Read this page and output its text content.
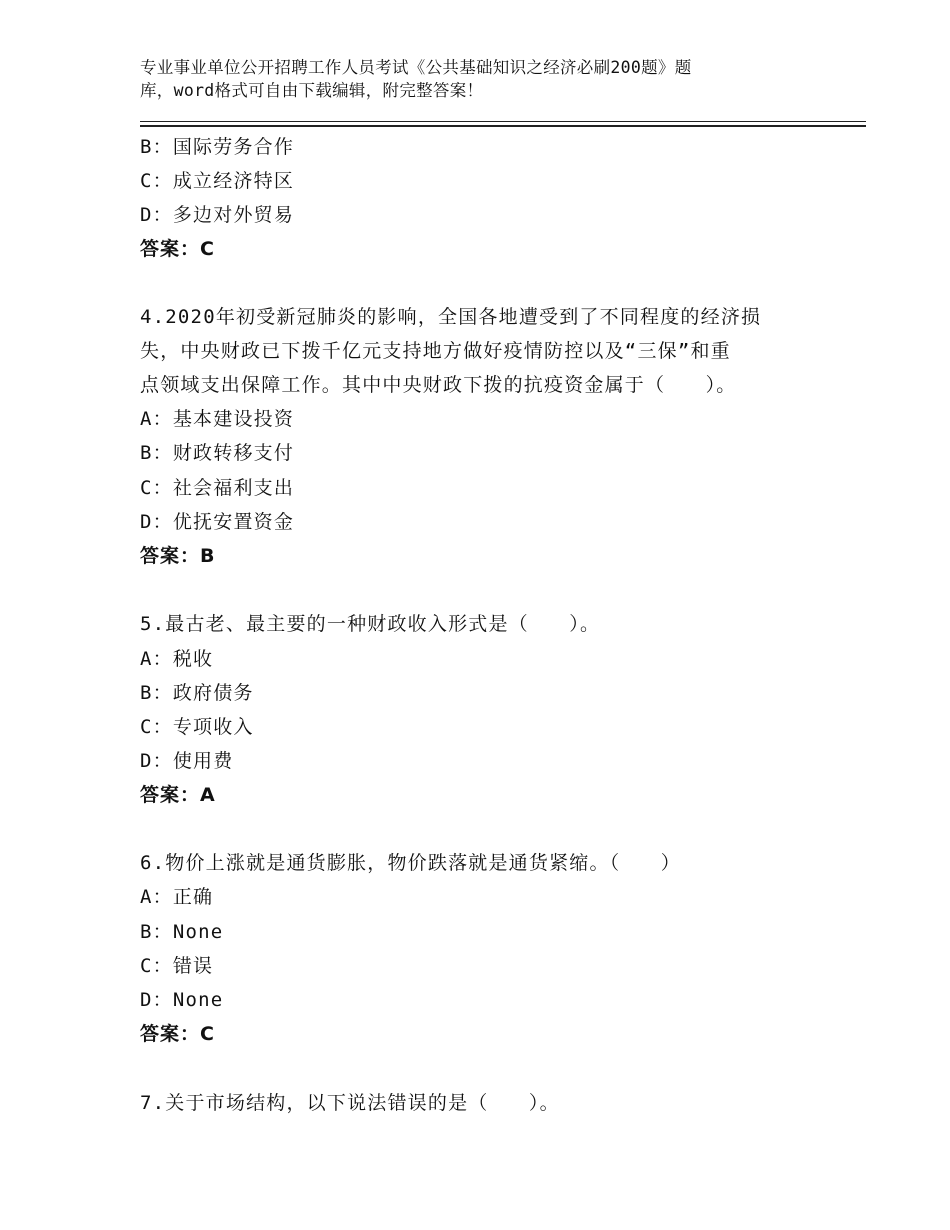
专业事业单位公开招聘工作人员考试《公共基础知识之经济必刷200题》题
库，word格式可自由下载编辑，附完整答案！
B：国际劳务合作
C：成立经济特区
D：多边对外贸易
答案：C
4.2020年初受新冠肺炎的影响，全国各地遭受到了不同程度的经济损
失，中央财政已下拨千亿元支持地方做好疫情防控以及“三保”和重
点领域支出保障工作。其中中央财政下拨的抗疫资金属于（　　）。
A：基本建设投资
B：财政转移支付
C：社会福利支出
D：优抚安置资金
答案：B
5.最古老、最主要的一种财政收入形式是（　　）。
A：税收
B：政府债务
C：专项收入
D：使用费
答案：A
6.物价上涨就是通货膨胀，物价跌落就是通货紧缩。（　　）
A：正确
B：None
C：错误
D：None
答案：C
7.关于市场结构，以下说法错误的是（　　）。
